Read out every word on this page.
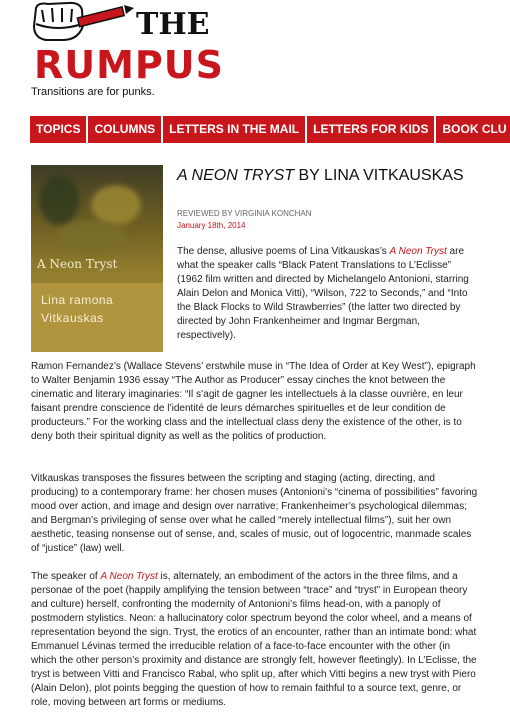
THE
RUMPUS
Transitions are for punks.
TOPICS	COLUMNS	LETTERS IN THE MAIL	LETTERS FOR KIDS	BOOK CLU
A Neon Tryst
Lina ramona
Vitkauskas
A NEON TRYST BY LINA VITKAUSKAS
REVIEWED BY VIRGINIA KONCHAN
January 18th, 2014

The dense, allusive poems of Lina Vitkauskas’s A Neon Tryst are what the speaker calls “Black Patent Translations to L’Eclisse” (1962 film written and directed by Michelangelo Antonioni, starring Alain Delon and Monica Vitti), “Wilson, 722 to Seconds,” and “Into the Black Flocks to Wild Strawberries” (the latter two directed by directed by John Frankenheimer and Ingmar Bergman, respectively).

Ramon Fernandez’s (Wallace Stevens’ erstwhile muse in “The Idea of Order at Key West”), epigraph to Walter Benjamin 1936 essay “The Author as Producer” essay cinches the knot between the cinematic and literary imaginaries: “Il s’agit de gagner les intellectuels à la classe ouvrière, en leur faisant prendre conscience de l’identité de leurs démarches spirituelles et de leur condition de producteurs.” For the working class and the intellectual class deny the existence of the other, is to deny both their spiritual dignity as well as the politics of production.

Vitkauskas transposes the fissures between the scripting and staging (acting, directing, and producing) to a contemporary frame: her chosen muses (Antonioni’s “cinema of possibilities” favoring mood over action, and image and design over narrative; Frankenheimer’s psychological dilemmas; and Bergman’s privileging of sense over what he called “merely intellectual films”), suit her own aesthetic, teasing nonsense out of sense, and, scales of music, out of logocentric, manmade scales of “justice” (law) well.

The speaker of A Neon Tryst is, alternately, an embodiment of the actors in the three films, and a personae of the poet (happily amplifying the tension between “trace” and “tryst” in European theory and culture) herself, confronting the modernity of Antonioni’s films head-on, with a panoply of postmodern stylistics. Neon: a hallucinatory color spectrum beyond the color wheel, and a means of representation beyond the sign. Tryst, the erotics of an encounter, rather than an intimate bond: what Emmanuel Lévinas termed the irreducible relation of a face-to-face encounter with the other (in which the other person’s proximity and distance are strongly felt, however fleetingly). In L’Eclisse, the tryst is between Vitti and Francisco Rabal, who split up, after which Vitti begins a new tryst with Piero (Alain Delon), plot points begging the question of how to remain faithful to a source text, genre, or role, moving between art forms or mediums.
